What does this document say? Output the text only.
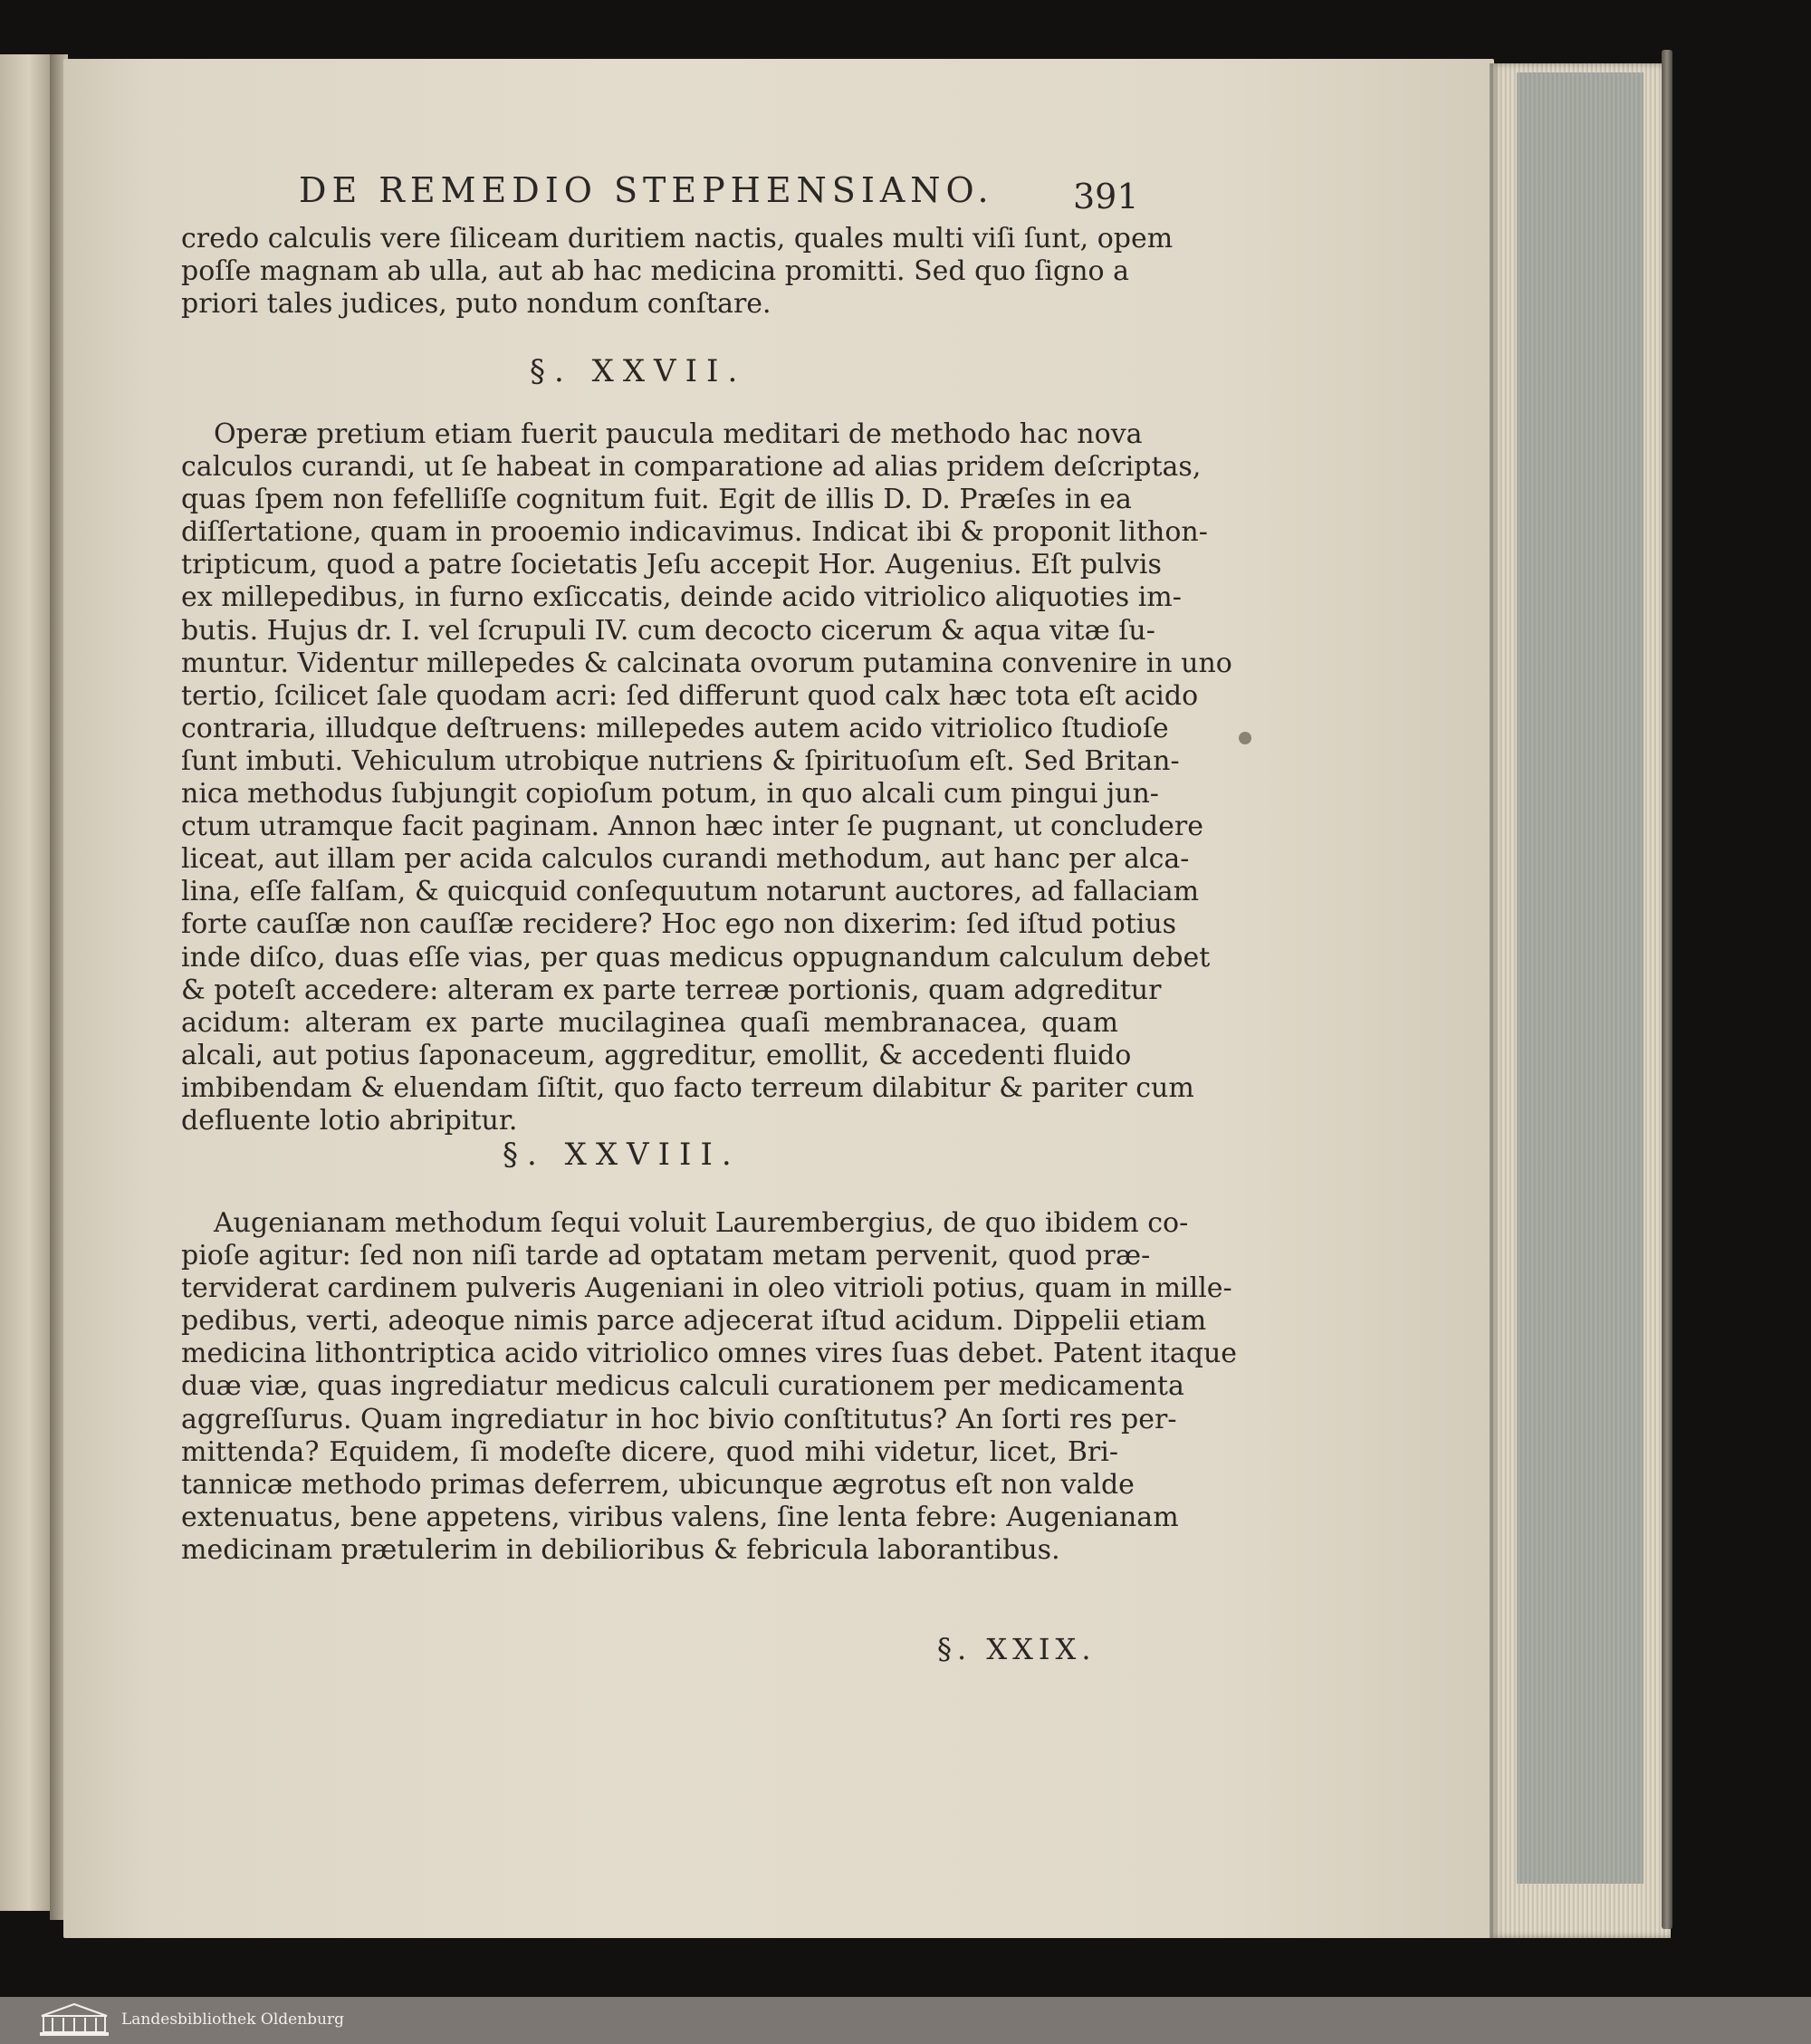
DE REMEDIO STEPHENSIANO. 391
credo calculis vere ſiliceam duritiem nactis, quales multi viſi ſunt, opem
poſſe magnam ab ulla, aut ab hac medicina promitti. Sed quo ſigno a
priori tales judices, puto nondum conſtare.
§. XXVII.
Operæ pretium etiam fuerit paucula meditari de methodo hac nova
calculos curandi, ut ſe habeat in comparatione ad alias pridem deſcriptas,
quas ſpem non fefelliſſe cognitum fuit. Egit de illis D. D. Præſes in ea
diſſertatione, quam in prooemio indicavimus. Indicat ibi & proponit lithon-
tripticum, quod a patre ſocietatis Jeſu accepit Hor. Augenius. Eſt pulvis
ex millepedibus, in furno exſiccatis, deinde acido vitriolico aliquoties im-
butis. Hujus dr. I. vel ſcrupuli IV. cum decocto cicerum & aqua vitæ ſu-
muntur. Videntur millepedes & calcinata ovorum putamina convenire in uno
tertio, ſcilicet ſale quodam acri: ſed differunt quod calx hæc tota eſt acido
contraria, illudque deſtruens: millepedes autem acido vitriolico ſtudioſe
ſunt imbuti. Vehiculum utrobique nutriens & ſpirituoſum eſt. Sed Britan-
nica methodus ſubjungit copioſum potum, in quo alcali cum pingui jun-
ctum utramque facit paginam. Annon hæc inter ſe pugnant, ut concludere
liceat, aut illam per acida calculos curandi methodum, aut hanc per alca-
lina, eſſe falſam, & quicquid conſequutum notarunt auctores, ad fallaciam
forte cauſſæ non cauſſæ recidere? Hoc ego non dixerim: ſed iſtud potius
inde diſco, duas eſſe vias, per quas medicus oppugnandum calculum debet
& poteſt accedere: alteram ex parte terreæ portionis, quam adgreditur
acidum: alteram ex parte mucilaginea quaſi membranacea, quam
alcali, aut potius ſaponaceum, aggreditur, emollit, & accedenti fluido
imbibendam & eluendam ſiſtit, quo facto terreum dilabitur & pariter cum
defluente lotio abripitur.
§. XXVIII.
Augenianam methodum ſequi voluit Laurembergius, de quo ibidem co-
pioſe agitur: ſed non niſi tarde ad optatam metam pervenit, quod præ-
terviderat cardinem pulveris Augeniani in oleo vitrioli potius, quam in mille-
pedibus, verti, adeoque nimis parce adjecerat iſtud acidum. Dippelii etiam
medicina lithontriptica acido vitriolico omnes vires ſuas debet. Patent itaque
duæ viæ, quas ingrediatur medicus calculi curationem per medicamenta
aggreſſurus. Quam ingrediatur in hoc bivio conſtitutus? An ſorti res per-
mittenda? Equidem, ſi modeſte dicere, quod mihi videtur, licet, Bri-
tannicæ methodo primas deferrem, ubicunque ægrotus eſt non valde
extenuatus, bene appetens, viribus valens, ſine lenta febre: Augenianam
medicinam prætulerim in debilioribus & febricula laborantibus.
§. XXIX.
Landesbibliothek Oldenburg
